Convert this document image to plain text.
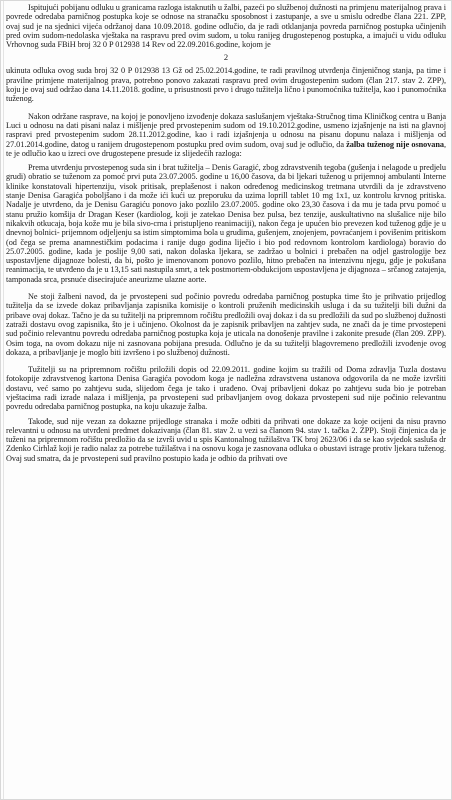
Ispitujući pobijanu odluku u granicama razloga istaknutih u žalbi, pazeći po službenoj dužnosti na primjenu materijalnog prava i povrede odredaba parničnog postupka koje se odnose na stranačku sposobnost i zastupanje, a sve u smislu odredbe člana 221. ZPP, ovaj sud je na sjednici vijeća održanoj dana 10.09.2018. godine odlučio, da je radi otklanjanja povreda parničnog postupka učinjenih pred ovim sudom-nedolaska vještaka na raspravu pred ovim sudom, u toku ranijeg drugostepenog postupka, a imajući u vidu odluku Vrhovnog suda FBiH broj 32 0 P 012938 14 Rev od 22.09.2016.godine, kojom je

2

ukinuta odluka ovog suda broj 32 0 P 012938 13 Gž od 25.02.2014.godine, te radi pravilnog utvrđenja činjeničnog stanja, pa time i pravilne primjene materijalnog prava, potrebno ponovo zakazati raspravu pred ovim drugostepenim sudom (član 217. stav 2. ZPP), koju je ovaj sud održao dana 14.11.2018. godine, u prisustnosti prvo i drugo tužitelja lično i punomoćnika tužitelja, kao i punomoćnika tuženog.

Nakon održane rasprave, na kojoj je ponovljeno izvođenje dokaza saslušanjem vještaka-Stručnog tima Kliničkog centra u Banja Luci u odnosu na dati pisani nalaz i mišljenje pred prvostepenim sudom od 19.10.2012.godine, usmeno izjašnjenje na isti na glavnoj raspravi pred prvostepenim sudom 28.11.2012.godine, kao i radi izjašnjenja u odnosu na pisanu dopunu nalaza i mišljenja od 27.01.2014.godine, datog u ranijem drugostepenom postupku pred ovim sudom, ovaj sud je odlučio, da žalba tuženog nije osnovana, te je odlučio kao u izreci ove drugostepene presude iz slijedećih razloga:

Prema utvrđenju prvostepenog suda sin i brat tužitelja – Denis Garagić, zbog zdravstvenih tegoba (gušenja i nelagode u predjelu grudi) obratio se tuženom za pomoć prvi puta 23.07.2005. godine u 16,00 časova, da bi ljekari tuženog u prijemnoj ambulanti Interne klinike konstatovali hipertenziju, visok pritisak, preplašenost i nakon određenog medicinskog tretmana utvrdili da je zdravstveno stanje Denisa Garagića poboljšano i da može ići kući uz preporuku da uzima loprill tablet 10 mg 1x1, uz kontrolu krvnog pritiska. Nadalje je utvrđeno, da je Denisu Garagiću ponovo jako pozlilo 23.07.2005. godine oko 23,30 časova i da mu je tada prvu pomoć u stanu pružio komšija dr Dragan Keser (kardiolog, koji je zatekao Denisa bez pulsa, bez tenzije, auskultativno na slušalice nije bilo nikakvih otkucaja, boja kože mu je bila sivo-crna i pristupljeno reanimaciji), nakon čega je upućen bio prevezen kod tuženog gdje je u dnevnoj bolnici- prijemnom odjeljenju sa istim simptomima bola u grudima, gušenjem, znojenjem, povraćanjem i povišenim pritiskom (od čega se prema anamnestičkim podacima i ranije dugo godina liječio i bio pod redovnom kontrolom kardiologa) boravio do 25.07.2005. godine, kada je poslije 9,00 sati, nakon dolaska ljekara, se zadržao u bolnici i prebačen na odjel gastrologije bez uspostavljene dijagnoze bolesti, da bi, pošto je imenovanom ponovo pozlilo, hitno prebačen na intenzivnu njegu, gdje je pokušana reanimacija, te utvrđeno da je u 13,15 sati nastupila smrt, a tek postmortem-obdukcijom uspostavljena je dijagnoza – srčanog zatajenja, tamponada srca, prsnuće disecirajuće aneurizme ulazne aorte.

Ne stoji žalbeni navod, da je prvostepeni sud počinio povredu odredaba parničnog postupka time što je prihvatio prijedlog tužitelja da se izvede dokaz pribavljanja zapisnika komisije o kontroli pruženih medicinskih usluga i da su tužitelji bili dužni da pribave ovaj dokaz. Tačno je da su tužitelji na pripremnom ročištu predložili ovaj dokaz i da su predložili da sud po službenoj dužnosti zatraži dostavu ovog zapisnika, što je i učinjeno. Okolnost da je zapisnik pribavljen na zahtjev suda, ne znači da je time prvostepeni sud počinio relevantnu povredu odredaba parničnog postupka koja je uticala na donošenje pravilne i zakonite presude (član 209. ZPP). Osim toga, na ovom dokazu nije ni zasnovana pobijana presuda. Odlučno je da su tužitelji blagovremeno predložili izvođenje ovog dokaza, a pribavljanje je moglo biti izvršeno i po službenoj dužnosti.

Tužitelji su na pripremnom ročištu priložili dopis od 22.09.2011. godine kojim su tražili od Doma zdravlja Tuzla dostavu fotokopije zdravstvenog kartona Denisa Garagića povodom koga je nadležna zdravstvena ustanova odgovorila da ne može izvršiti dostavu, već samo po zahtjevu suda, slijedom čega je tako i urađeno. Ovaj pribavljeni dokaz po zahtjevu suda bio je potreban vještacima radi izrade nalaza i mišljenja, pa prvostepeni sud pribavljanjem ovog dokaza prvostepeni sud nije počinio relevantnu povredu odredaba parničnog postupka, na koju ukazuje žalba.

Takođe, sud nije vezan za dokazne prijedloge stranaka i može odbiti da prihvati one dokaze za koje ocijeni da nisu pravno relevantni u odnosu na utvrđeni predmet dokazivanja (član 81. stav 2. u vezi sa članom 94. stav 1. tačka 2. ZPP). Stoji činjenica da je tuženi na pripremnom ročištu predložio da se izvrši uvid u spis Kantonalnog tužilaštva TK broj 2623/06 i da se kao svjedok saslušа dr Zdenko Cirhlaž koji je radio nalaz za potrebe tužilaštva i na osnovu koga je zasnovana odluka o obustavi istrage protiv ljekara tuženog. Ovaj sud smatra, da je prvostepeni sud pravilno postupio kada je odbio da prihvati ove
